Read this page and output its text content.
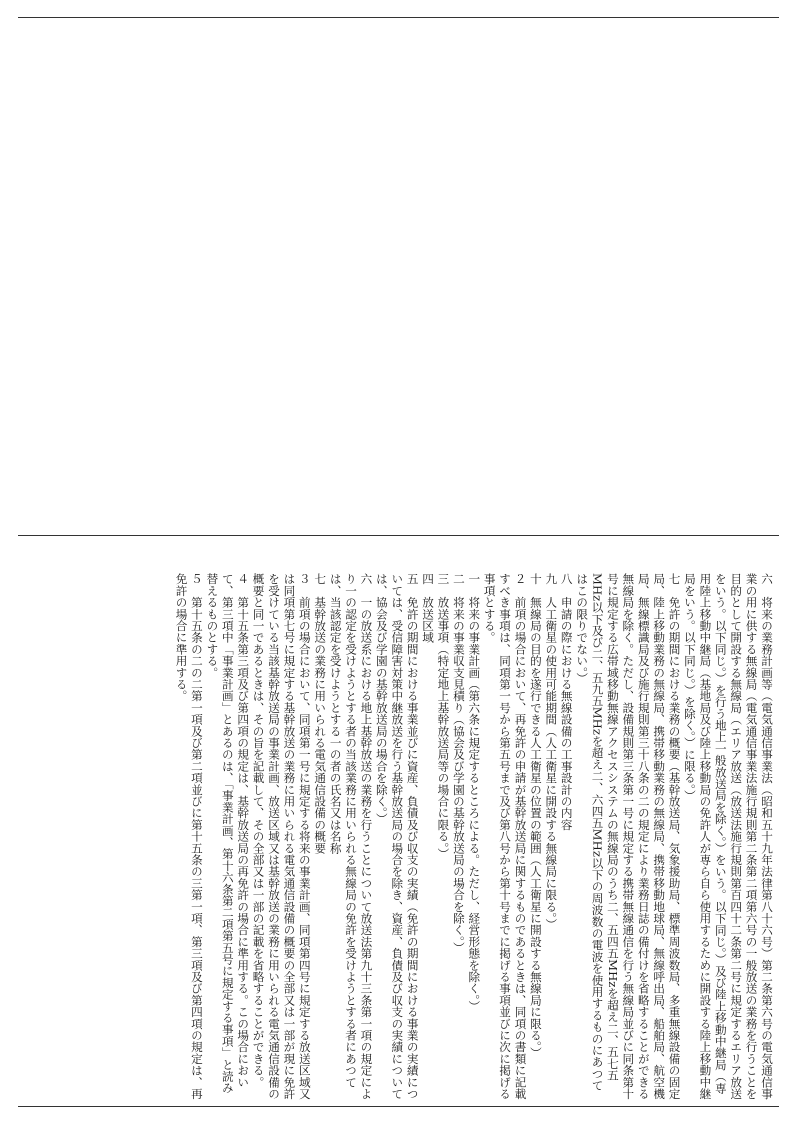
六　将来の業務計画等（電気通信事業法（昭和五十九年法律第八十六号）第二条第六号の電気通信事業の用に供する無線局（電気通信事業法施行規則第二条第二項第六号の一般放送の業務を行うことを目的として開設する無線局（エリア放送（放送法施行規則第百四十二条第二号に規定するエリア放送をいう。以下同じ。）を行う地上一般放送局を除く。）をいう。以下同じ。）及び陸上移動中継局（専用陸上移動中継局（基地局及び陸上移動局の免許人が専ら自ら使用するために開設する陸上移動中継局をいう。以下同じ。）を除く。）に限る。）

七　免許の期間における業務の概要（基幹放送局、気象援助局、標準周波数局、多重無線設備の固定局、陸上移動業務の無線局、携帯移動業務の無線局、携帯移動地球局、無線呼出局、船舶局、航空機局、無線標識局及び施行規則第三十八条の二の規定により業務日誌の備付けを省略することができる無線局を除く。ただし、設備規則第三条第一号に規定する携帯無線通信を行う無線局並びに同条第十号に規定する広帯域移動無線アクセスシステムの無線局のうち二、五四五MHzを超え二、五七五MHz以下及び二、五九五MHzを超え二、六四五MHz以下の周波数の電波を使用するものにあつてはこの限りでない。）

八　申請の際における無線設備の工事設計の内容

九　人工衛星の使用可能期間（人工衛星に開設する無線局に限る。）

十　無線局の目的を遂行できる人工衛星の位置の範囲（人工衛星に開設する無線局に限る。）

２　前項の場合において、再免許の申請が基幹放送局に関するものであるときは、同項の書類に記載すべき事項は、同項第一号から第五号まで及び第八号から第十号までに掲げる事項並びに次に掲げる事項とする。

一　将来の事業計画（第六条に規定するところによる。ただし、経営形態を除く。）

二　将来の事業収支見積り（協会及び学園の基幹放送局の場合を除く。）

三　放送事項（特定地上基幹放送局等の場合に限る。）

四　放送区域

五　免許の期間における事業並びに資産、負債及び収支の実績（免許の期間における事業の実績については、受信障害対策中継放送を行う基幹放送局の場合を除き、資産、負債及び収支の実績については、協会及び学園の基幹放送局の場合を除く。）

六　一の放送系における地上基幹放送の業務を行うことについて放送法第九十三条第一項の規定により一の認定を受けようとする者の当該業務に用いられる無線局の免許を受けようとする者にあつては、当該認定を受けようとする一の者の氏名又は名称

七　基幹放送の業務に用いられる電気通信設備の概要

３　前項の場合において、同項第一号に規定する将来の事業計画、同項第四号に規定する放送区域又は同項第七号に規定する基幹放送の業務に用いられる電気通信設備の概要の全部又は一部が現に免許を受けている当該基幹放送局の事業計画、放送区域又は基幹放送の業務に用いられる電気通信設備の概要と同一であるときは、その旨を記載して、その全部又は一部の記載を省略することができる。

４　第十五条第三項及び第四項の規定は、基幹放送局の再免許の場合に準用する。この場合において、第三項中「事業計画」とあるのは、「事業計画、第十六条第二項第五号に規定する事項」と読み替えるものとする。

５　第十五条の二の二第一項及び第二項並びに第十五条の三第一項、第三項及び第四項の規定は、再免許の場合に準用する。
